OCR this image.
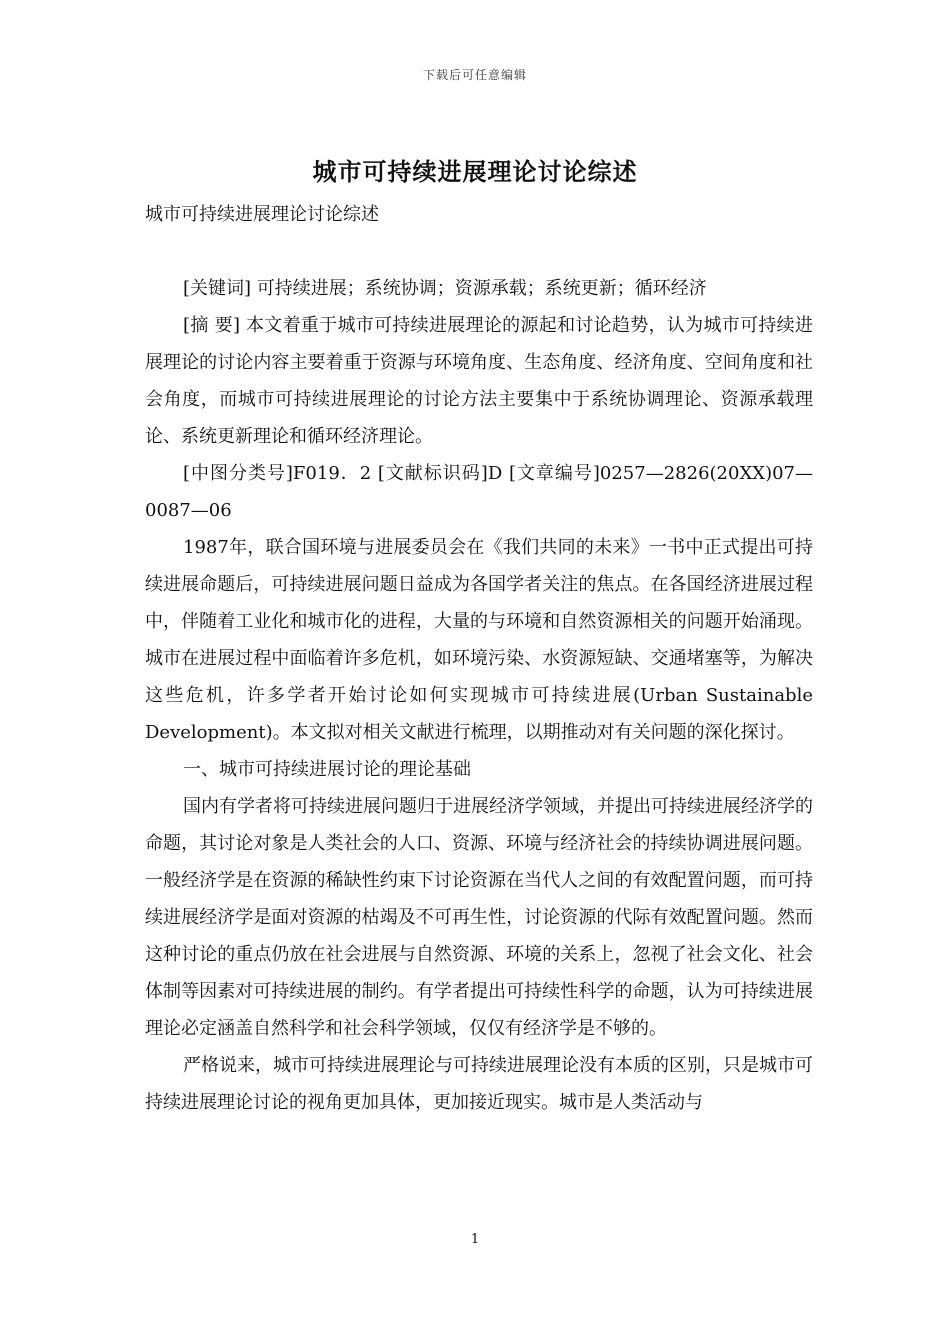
下载后可任意编辑
城市可持续进展理论讨论综述

城市可持续进展理论讨论综述

[关键词] 可持续进展；系统协调；资源承载；系统更新；循环经济

[摘 要] 本文着重于城市可持续进展理论的源起和讨论趋势，认为城市可持续进展理论的讨论内容主要着重于资源与环境角度、生态角度、经济角度、空间角度和社会角度，而城市可持续进展理论的讨论方法主要集中于系统协调理论、资源承载理论、系统更新理论和循环经济理论。

[中图分类号]F019．2 [文献标识码]D [文章编号]0257—2826(20XX)07—0087—06

1987年，联合国环境与进展委员会在《我们共同的未来》一书中正式提出可持续进展命题后，可持续进展问题日益成为各国学者关注的焦点。在各国经济进展过程中，伴随着工业化和城市化的进程，大量的与环境和自然资源相关的问题开始涌现。城市在进展过程中面临着许多危机，如环境污染、水资源短缺、交通堵塞等，为解决这些危机，许多学者开始讨论如何实现城市可持续进展(Urban Sustainable Development)。本文拟对相关文献进行梳理，以期推动对有关问题的深化探讨。

一、城市可持续进展讨论的理论基础

国内有学者将可持续进展问题归于进展经济学领域，并提出可持续进展经济学的命题，其讨论对象是人类社会的人口、资源、环境与经济社会的持续协调进展问题。一般经济学是在资源的稀缺性约束下讨论资源在当代人之间的有效配置问题，而可持续进展经济学是面对资源的枯竭及不可再生性，讨论资源的代际有效配置问题。然而这种讨论的重点仍放在社会进展与自然资源、环境的关系上，忽视了社会文化、社会体制等因素对可持续进展的制约。有学者提出可持续性科学的命题，认为可持续进展理论必定涵盖自然科学和社会科学领域，仅仅有经济学是不够的。

严格说来，城市可持续进展理论与可持续进展理论没有本质的区别，只是城市可持续进展理论讨论的视角更加具体，更加接近现实。城市是人类活动与

1
